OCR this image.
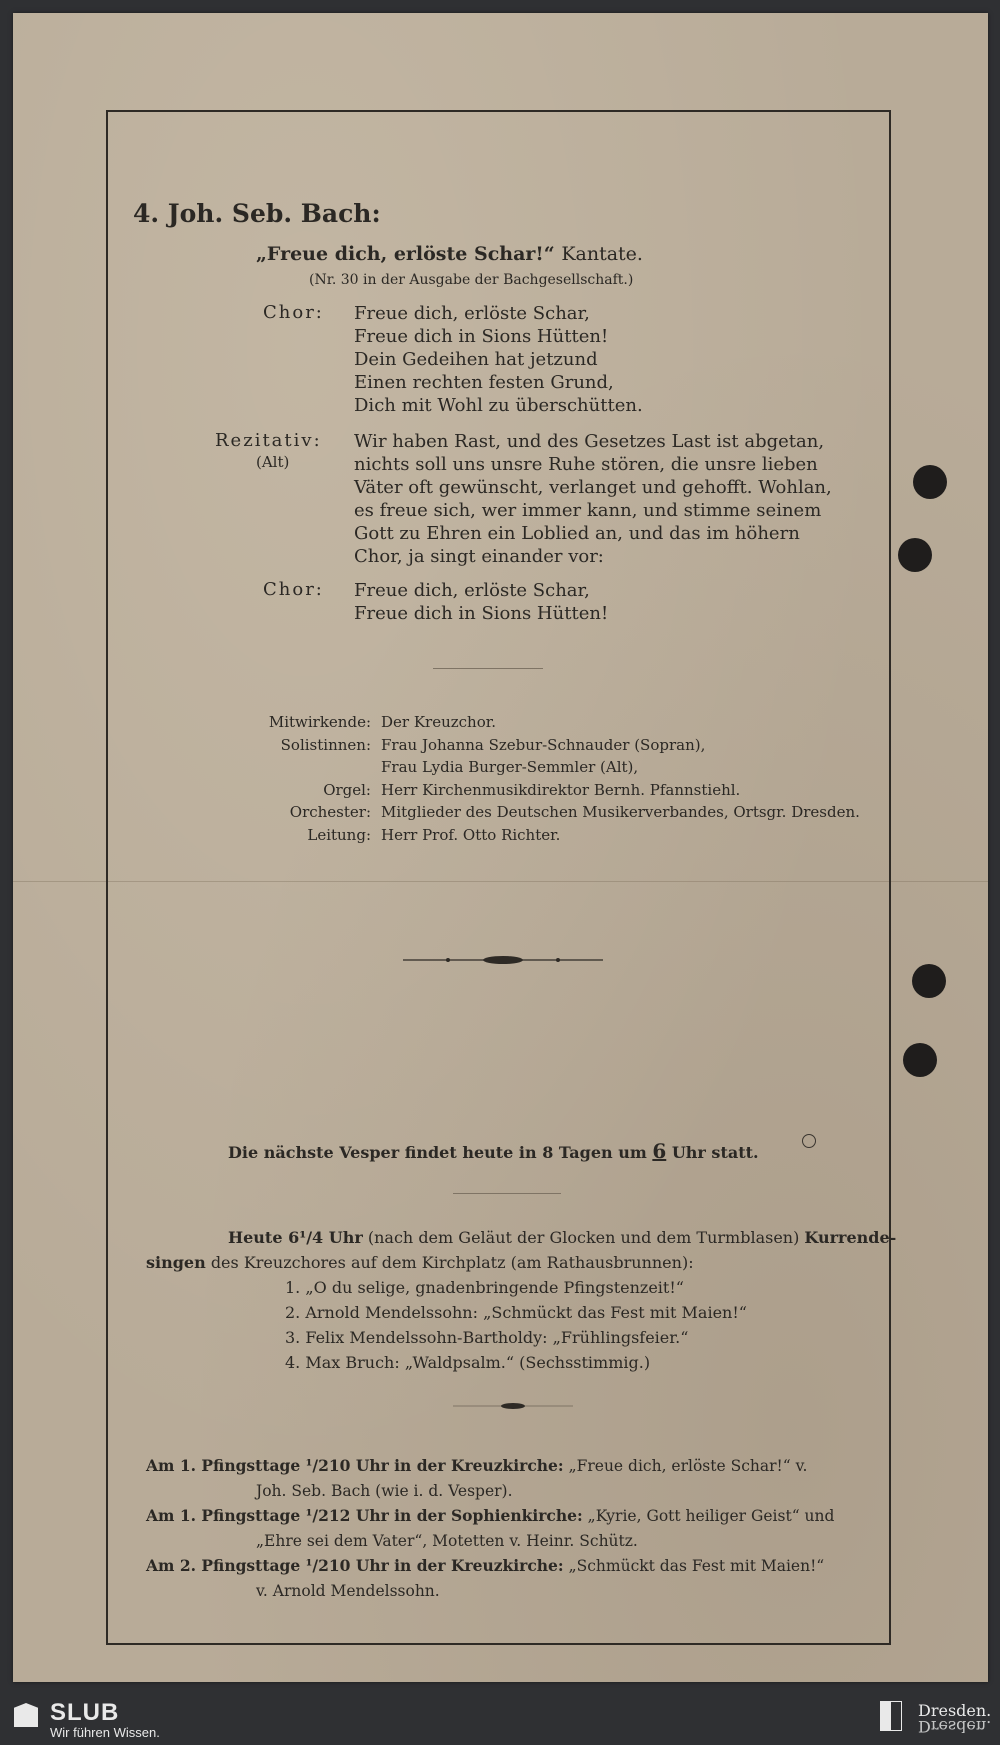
4. Joh. Seb. Bach:
„Freue dich, erlöste Schar!“ Kantate.
(Nr. 30 in der Ausgabe der Bachgesellschaft.)
Chor: Freue dich, erlöste Schar,
Freue dich in Sions Hütten!
Dein Gedeihen hat jetzund
Einen rechten festen Grund,
Dich mit Wohl zu überschütten.
Rezitativ:
(Alt)
Wir haben Rast, und des Gesetzes Last ist abgetan,
nichts soll uns unsre Ruhe stören, die unsre lieben
Väter oft gewünscht, verlanget und gehofft. Wohlan,
es freue sich, wer immer kann, und stimme seinem
Gott zu Ehren ein Loblied an, und das im höhern
Chor, ja singt einander vor:
Chor: Freue dich, erlöste Schar,
Freue dich in Sions Hütten!
Mitwirkende:
Solistinnen:
Orgel:
Orchester:
Leitung:
Der Kreuzchor.
Frau Johanna Szebur-Schnauder (Sopran),
Frau Lydia Burger-Semmler (Alt),
Herr Kirchenmusikdirektor Bernh. Pfannstiehl.
Mitglieder des Deutschen Musikerverbandes, Ortsgr. Dresden.
Herr Prof. Otto Richter.
Die nächste Vesper findet heute in 8 Tagen um 6 Uhr statt.
Heute 6¹/4 Uhr (nach dem Geläut der Glocken und dem Turmblasen) Kurrende-
singen des Kreuzchores auf dem Kirchplatz (am Rathausbrunnen):
1. „O du selige, gnadenbringende Pfingstenzeit!“
2. Arnold Mendelssohn: „Schmückt das Fest mit Maien!“
3. Felix Mendelssohn-Bartholdy: „Frühlingsfeier.“
4. Max Bruch: „Waldpsalm.“ (Sechsstimmig.)
Am 1. Pfingsttage ¹/210 Uhr in der Kreuzkirche: „Freue dich, erlöste Schar!“ v.
Joh. Seb. Bach (wie i. d. Vesper).
Am 1. Pfingsttage ¹/212 Uhr in der Sophienkirche: „Kyrie, Gott heiliger Geist“ und
„Ehre sei dem Vater“, Motetten v. Heinr. Schütz.
Am 2. Pfingsttage ¹/210 Uhr in der Kreuzkirche: „Schmückt das Fest mit Maien!“
v. Arnold Mendelssohn.
SLUB
Wir führen Wissen.
Dresden.
Dresden.
